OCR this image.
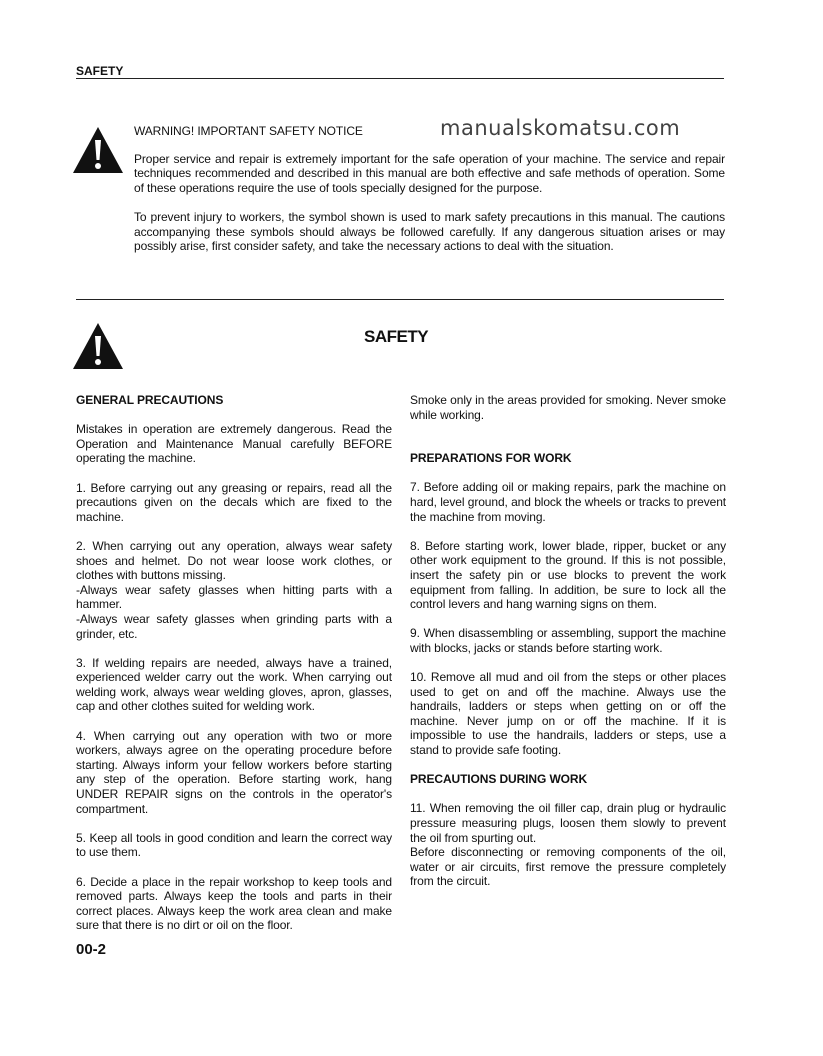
SAFETY

WARNING! IMPORTANT SAFETY NOTICE

Proper service and repair is extremely important for the safe operation of your machine. The service and repair techniques recommended and described in this manual are both effective and safe methods of operation. Some of these operations require the use of tools specially designed for the purpose.

To prevent injury to workers, the symbol shown is used to mark safety precautions in this manual. The cautions accompanying these symbols should always be followed carefully. If any dangerous situation arises or may possibly arise, first consider safety, and take the necessary actions to deal with the situation.

manualskomatsu.com
SAFETY

GENERAL PRECAUTIONS

Mistakes in operation are extremely dangerous. Read the Operation and Maintenance Manual carefully BEFORE operating the machine.

1. Before carrying out any greasing or repairs, read all the precautions given on the decals which are fixed to the machine.

2. When carrying out any operation, always wear safety shoes and helmet. Do not wear loose work clothes, or clothes with buttons missing.

-Always wear safety glasses when hitting parts with a hammer.

-Always wear safety glasses when grinding parts with a grinder, etc.

3. If welding repairs are needed, always have a trained, experienced welder carry out the work. When carrying out welding work, always wear welding gloves, apron, glasses, cap and other clothes suited for welding work.

4. When carrying out any operation with two or more workers, always agree on the operating procedure before starting. Always inform your fellow workers before starting any step of the operation. Before starting work, hang UNDER REPAIR signs on the controls in the operator's compartment.

5. Keep all tools in good condition and learn the correct way to use them.

6. Decide a place in the repair workshop to keep tools and removed parts. Always keep the tools and parts in their correct places. Always keep the work area clean and make sure that there is no dirt or oil on the floor.

00-2

Smoke only in the areas provided for smoking. Never smoke while working.

PREPARATIONS FOR WORK

7. Before adding oil or making repairs, park the machine on hard, level ground, and block the wheels or tracks to prevent the machine from moving.

8. Before starting work, lower blade, ripper, bucket or any other work equipment to the ground. If this is not possible, insert the safety pin or use blocks to prevent the work equipment from falling. In addition, be sure to lock all the control levers and hang warning signs on them.

9. When disassembling or assembling, support the machine with blocks, jacks or stands before starting work.

10. Remove all mud and oil from the steps or other places used to get on and off the machine. Always use the handrails, ladders or steps when getting on or off the machine. Never jump on or off the machine. If it is impossible to use the handrails, ladders or steps, use a stand to provide safe footing.

PRECAUTIONS DURING WORK

11. When removing the oil filler cap, drain plug or hydraulic pressure measuring plugs, loosen them slowly to prevent the oil from spurting out.

Before disconnecting or removing components of the oil, water or air circuits, first remove the pressure completely from the circuit.
